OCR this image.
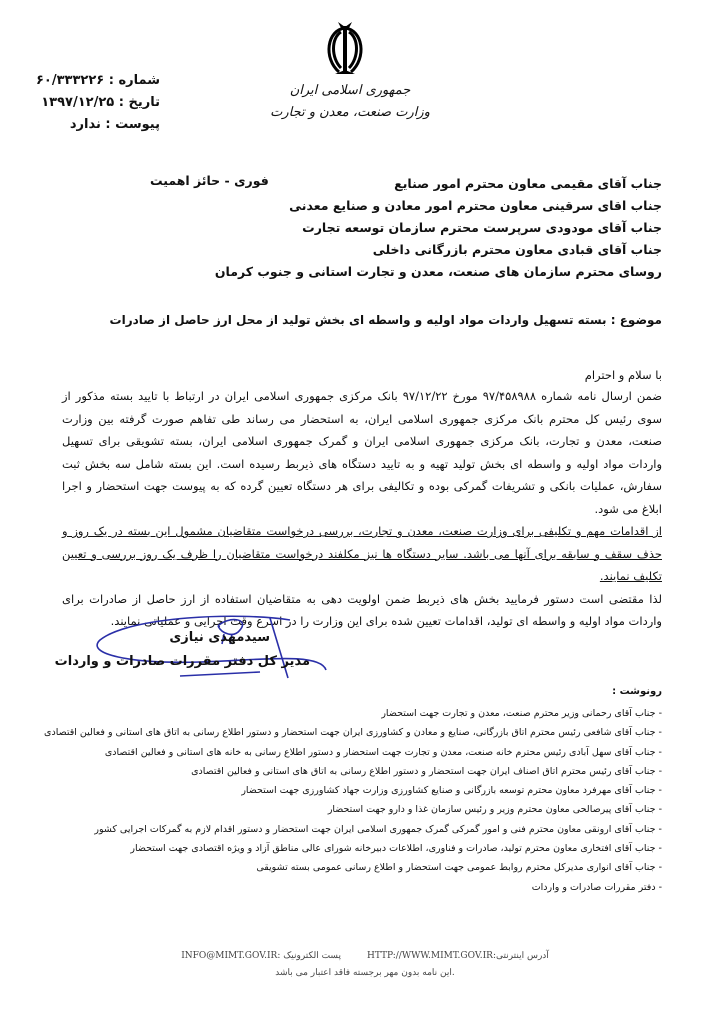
شماره : ۶۰/۳۳۳۲۲۶
تاریخ : ۱۳۹۷/۱۲/۲۵
پیوست : ندارد
جمهوری اسلامی ایران
وزارت صنعت، معدن و تجارت
فوری - حائز اهمیت	جناب آقای مقیمی معاون محترم امور صنایع
جناب اقای سرقینی معاون محترم امور معادن و صنایع معدنی
جناب آقای مودودی سرپرست محترم سازمان توسعه تجارت
جناب آقای قبادی معاون محترم بازرگانی داخلی
روسای محترم سازمان های صنعت، معدن و تجارت استانی و جنوب کرمان
موضوع : بسته تسهیل واردات مواد اولیه و واسطه ای بخش تولید از محل ارز حاصل از صادرات
با سلام و احترام

ضمن ارسال نامه شماره ۹۷/۴۵۸۹۸۸ مورخ ۹۷/۱۲/۲۲ بانک مرکزی جمهوری اسلامی ایران در ارتباط با تایید بسته مذکور از سوی رئیس کل محترم بانک مرکزی جمهوری اسلامی ایران، به استحضار می رساند طی تفاهم صورت گرفته بین وزارت صنعت، معدن و تجارت، بانک مرکزی جمهوری اسلامی ایران و گمرک جمهوری اسلامی ایران، بسته تشویقی برای تسهیل واردات مواد اولیه و واسطه ای بخش تولید تهیه و به تایید دستگاه های ذیربط رسیده است. این بسته شامل سه بخش ثبت سفارش، عملیات بانکی و تشریفات گمرکی بوده و تکالیفی برای هر دستگاه تعیین گرده که به پیوست جهت استحضار و اجرا ابلاغ می شود.

از اقدامات مهم و تکلیفی برای وزارت صنعت، معدن و تجارت، بررسی درخواست متقاضیان مشمول این بسته در یک روز و حذف سقف و سابقه برای آنها می باشد. سایر دستگاه ها نیز مکلفند درخواست متقاضیان را ظرف یک روز بررسی و تعیین تکلیف نمایند.

لذا مقتضی است دستور فرمایید بخش های ذیربط ضمن اولویت دهی به متقاضیان استفاده از ارز حاصل از صادرات برای واردات مواد اولیه و واسطه ای تولید، اقدامات تعیین شده برای این وزارت را در اسرع وقت اجرایی و عملیاتی نمایند.

سیدمهدی نیازی
مدیر کل دفتر مقررات صادرات و واردات
رونوشت :
- جناب آقای رحمانی وزیر محترم صنعت، معدن و تجارت جهت استحضار
- جناب آقای شافعی رئیس محترم اتاق بازرگانی، صنایع و معادن و کشاورزی ایران جهت استحضار و دستور اطلاع رسانی به اتاق های استانی و فعالین اقتصادی
- جناب آقای سهل آبادی رئیس محترم خانه صنعت، معدن و تجارت جهت استحضار و دستور اطلاع رسانی به خانه های استانی و فعالین اقتصادی
- جناب آقای رئیس محترم اتاق اصناف ایران جهت استحضار و دستور اطلاع رسانی به اتاق های استانی و فعالین اقتصادی
- جناب آقای مهرفرد معاون محترم توسعه بازرگانی و صنایع کشاورزی وزارت جهاد کشاورزی جهت استحضار
- جناب آقای پیرصالحی معاون محترم وزیر و رئیس سازمان غذا و دارو جهت استحضار
- جناب آقای ارونقی معاون محترم فنی و امور گمرکی گمرک جمهوری اسلامی ایران جهت استحضار و دستور اقدام لازم به گمرکات اجرایی کشور
- جناب آقای افتخاری معاون محترم تولید، صادرات و فناوری، اطلاعات دبیرخانه شورای عالی مناطق آزاد و ویژه اقتصادی جهت استحضار
- جناب آقای انواری مدیرکل محترم روابط عمومی جهت استحضار و اطلاع رسانی عمومی بسته تشویقی
- دفتر مقررات صادرات و واردات
آدرس اینترنتی:HTTP://WWW.MIMT.GOV.IR
پست الکترونیک :INFO@MIMT.GOV.IR
این نامه بدون مهر برجسته فاقد اعتبار می باشد.
